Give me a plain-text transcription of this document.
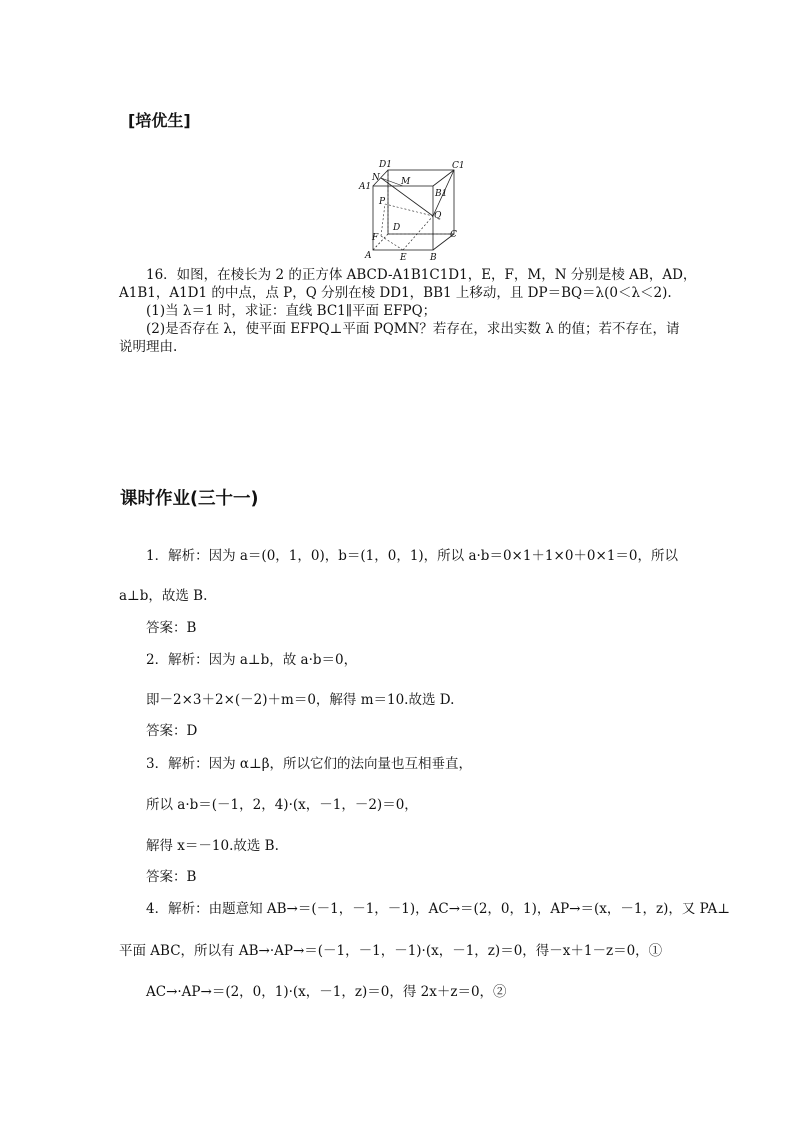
[培优生]
D1	C1
N M
A1
B1
P
Q
D
F	C
A	E	B
16．如图，在棱长为 2 的正方体 ABCD-A1B1C1D1，E，F，M，N 分别是棱 AB，AD，
A1B1，A1D1 的中点，点 P，Q 分别在棱 DD1，BB1 上移动，且 DP＝BQ＝λ(0＜λ＜2).
(1)当 λ＝1 时，求证：直线 BC1∥平面 EFPQ；
(2)是否存在 λ，使平面 EFPQ⊥平面 PQMN？若存在，求出实数 λ 的值；若不存在，请
说明理由.
课时作业(三十一)
1．解析：因为 a＝(0，1，0)，b＝(1，0，1)，所以 a·b＝0×1＋1×0＋0×1＝0，所以
a⊥b，故选 B.
答案：B
2．解析：因为 a⊥b，故 a·b＝0，
即－2×3＋2×(－2)＋m＝0，解得 m＝10.故选 D.
答案：D
3．解析：因为 α⊥β，所以它们的法向量也互相垂直，
所以 a·b＝(－1，2，4)·(x，－1，－2)＝0，
解得 x＝－10.故选 B.
答案：B
4．解析：由题意知 AB→＝(－1，－1，－1)，AC→＝(2，0，1)，AP→＝(x，－1，z)，又 PA⊥
平面 ABC，所以有 AB→·AP→＝(－1，－1，－1)·(x，－1，z)＝0，得－x＋1－z＝0，①
AC→·AP→＝(2，0，1)·(x，－1，z)＝0，得 2x＋z＝0，②
